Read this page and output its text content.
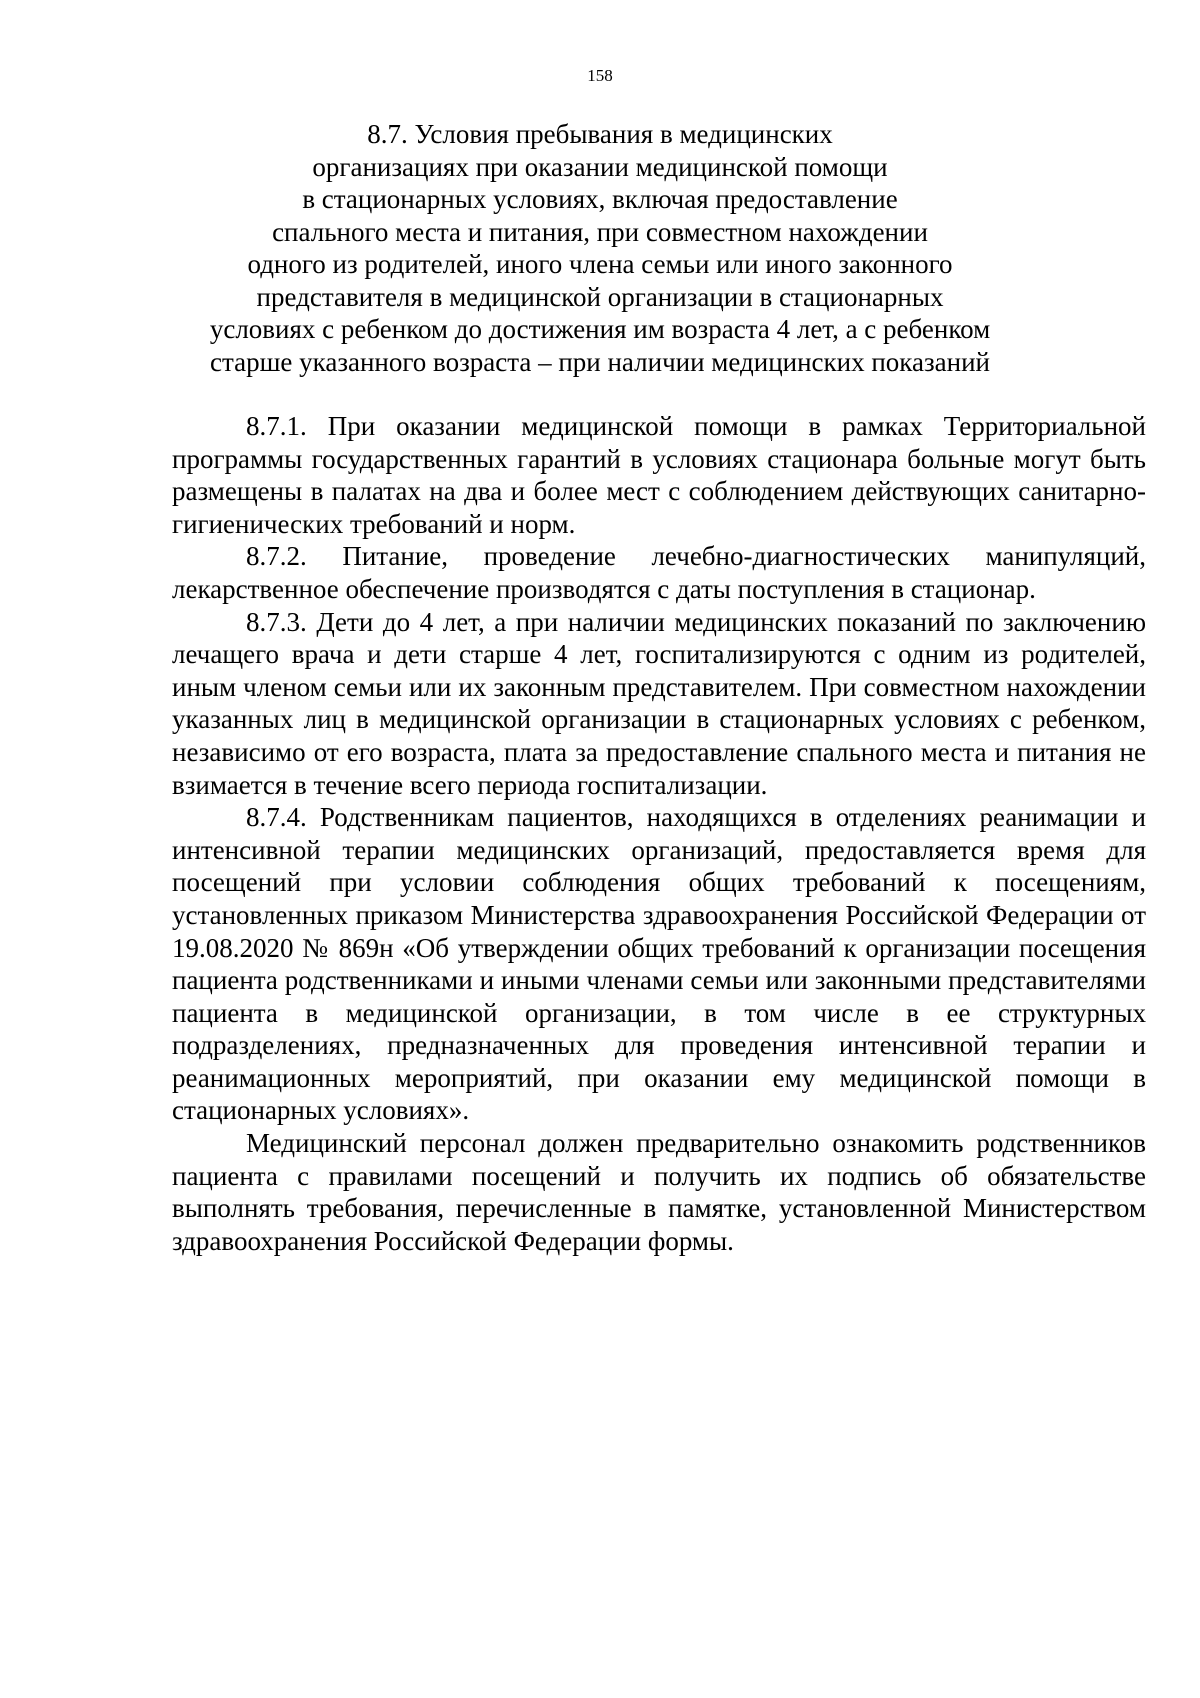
158
8.7. Условия пребывания в медицинских
организациях при оказании медицинской помощи
в стационарных условиях, включая предоставление
спального места и питания, при совместном нахождении
одного из родителей, иного члена семьи или иного законного
представителя в медицинской организации в стационарных
условиях с ребенком до достижения им возраста 4 лет, а с ребенком
старше указанного возраста – при наличии медицинских показаний

8.7.1. При оказании медицинской помощи в рамках Территориальной программы государственных гарантий в условиях стационара больные могут быть размещены в палатах на два и более мест с соблюдением действующих санитарно-гигиенических требований и норм.

8.7.2. Питание, проведение лечебно-диагностических манипуляций, лекарственное обеспечение производятся с даты поступления в стационар.

8.7.3. Дети до 4 лет, а при наличии медицинских показаний по заключению лечащего врача и дети старше 4 лет, госпитализируются с одним из родителей, иным членом семьи или их законным представителем. При совместном нахождении указанных лиц в медицинской организации в стационарных условиях с ребенком, независимо от его возраста, плата за предоставление спального места и питания не взимается в течение всего периода госпитализации.

8.7.4. Родственникам пациентов, находящихся в отделениях реанимации и интенсивной терапии медицинских организаций, предоставляется время для посещений при условии соблюдения общих требований к посещениям, установленных приказом Министерства здравоохранения Российской Федерации от 19.08.2020 № 869н «Об утверждении общих требований к организации посещения пациента родственниками и иными членами семьи или законными представителями пациента в медицинской организации, в том числе в ее структурных подразделениях, предназначенных для проведения интенсивной терапии и реанимационных мероприятий, при оказании ему медицинской помощи в стационарных условиях».

Медицинский персонал должен предварительно ознакомить родственников пациента с правилами посещений и получить их подпись об обязательстве выполнять требования, перечисленные в памятке, установленной Министерством здравоохранения Российской Федерации формы.
